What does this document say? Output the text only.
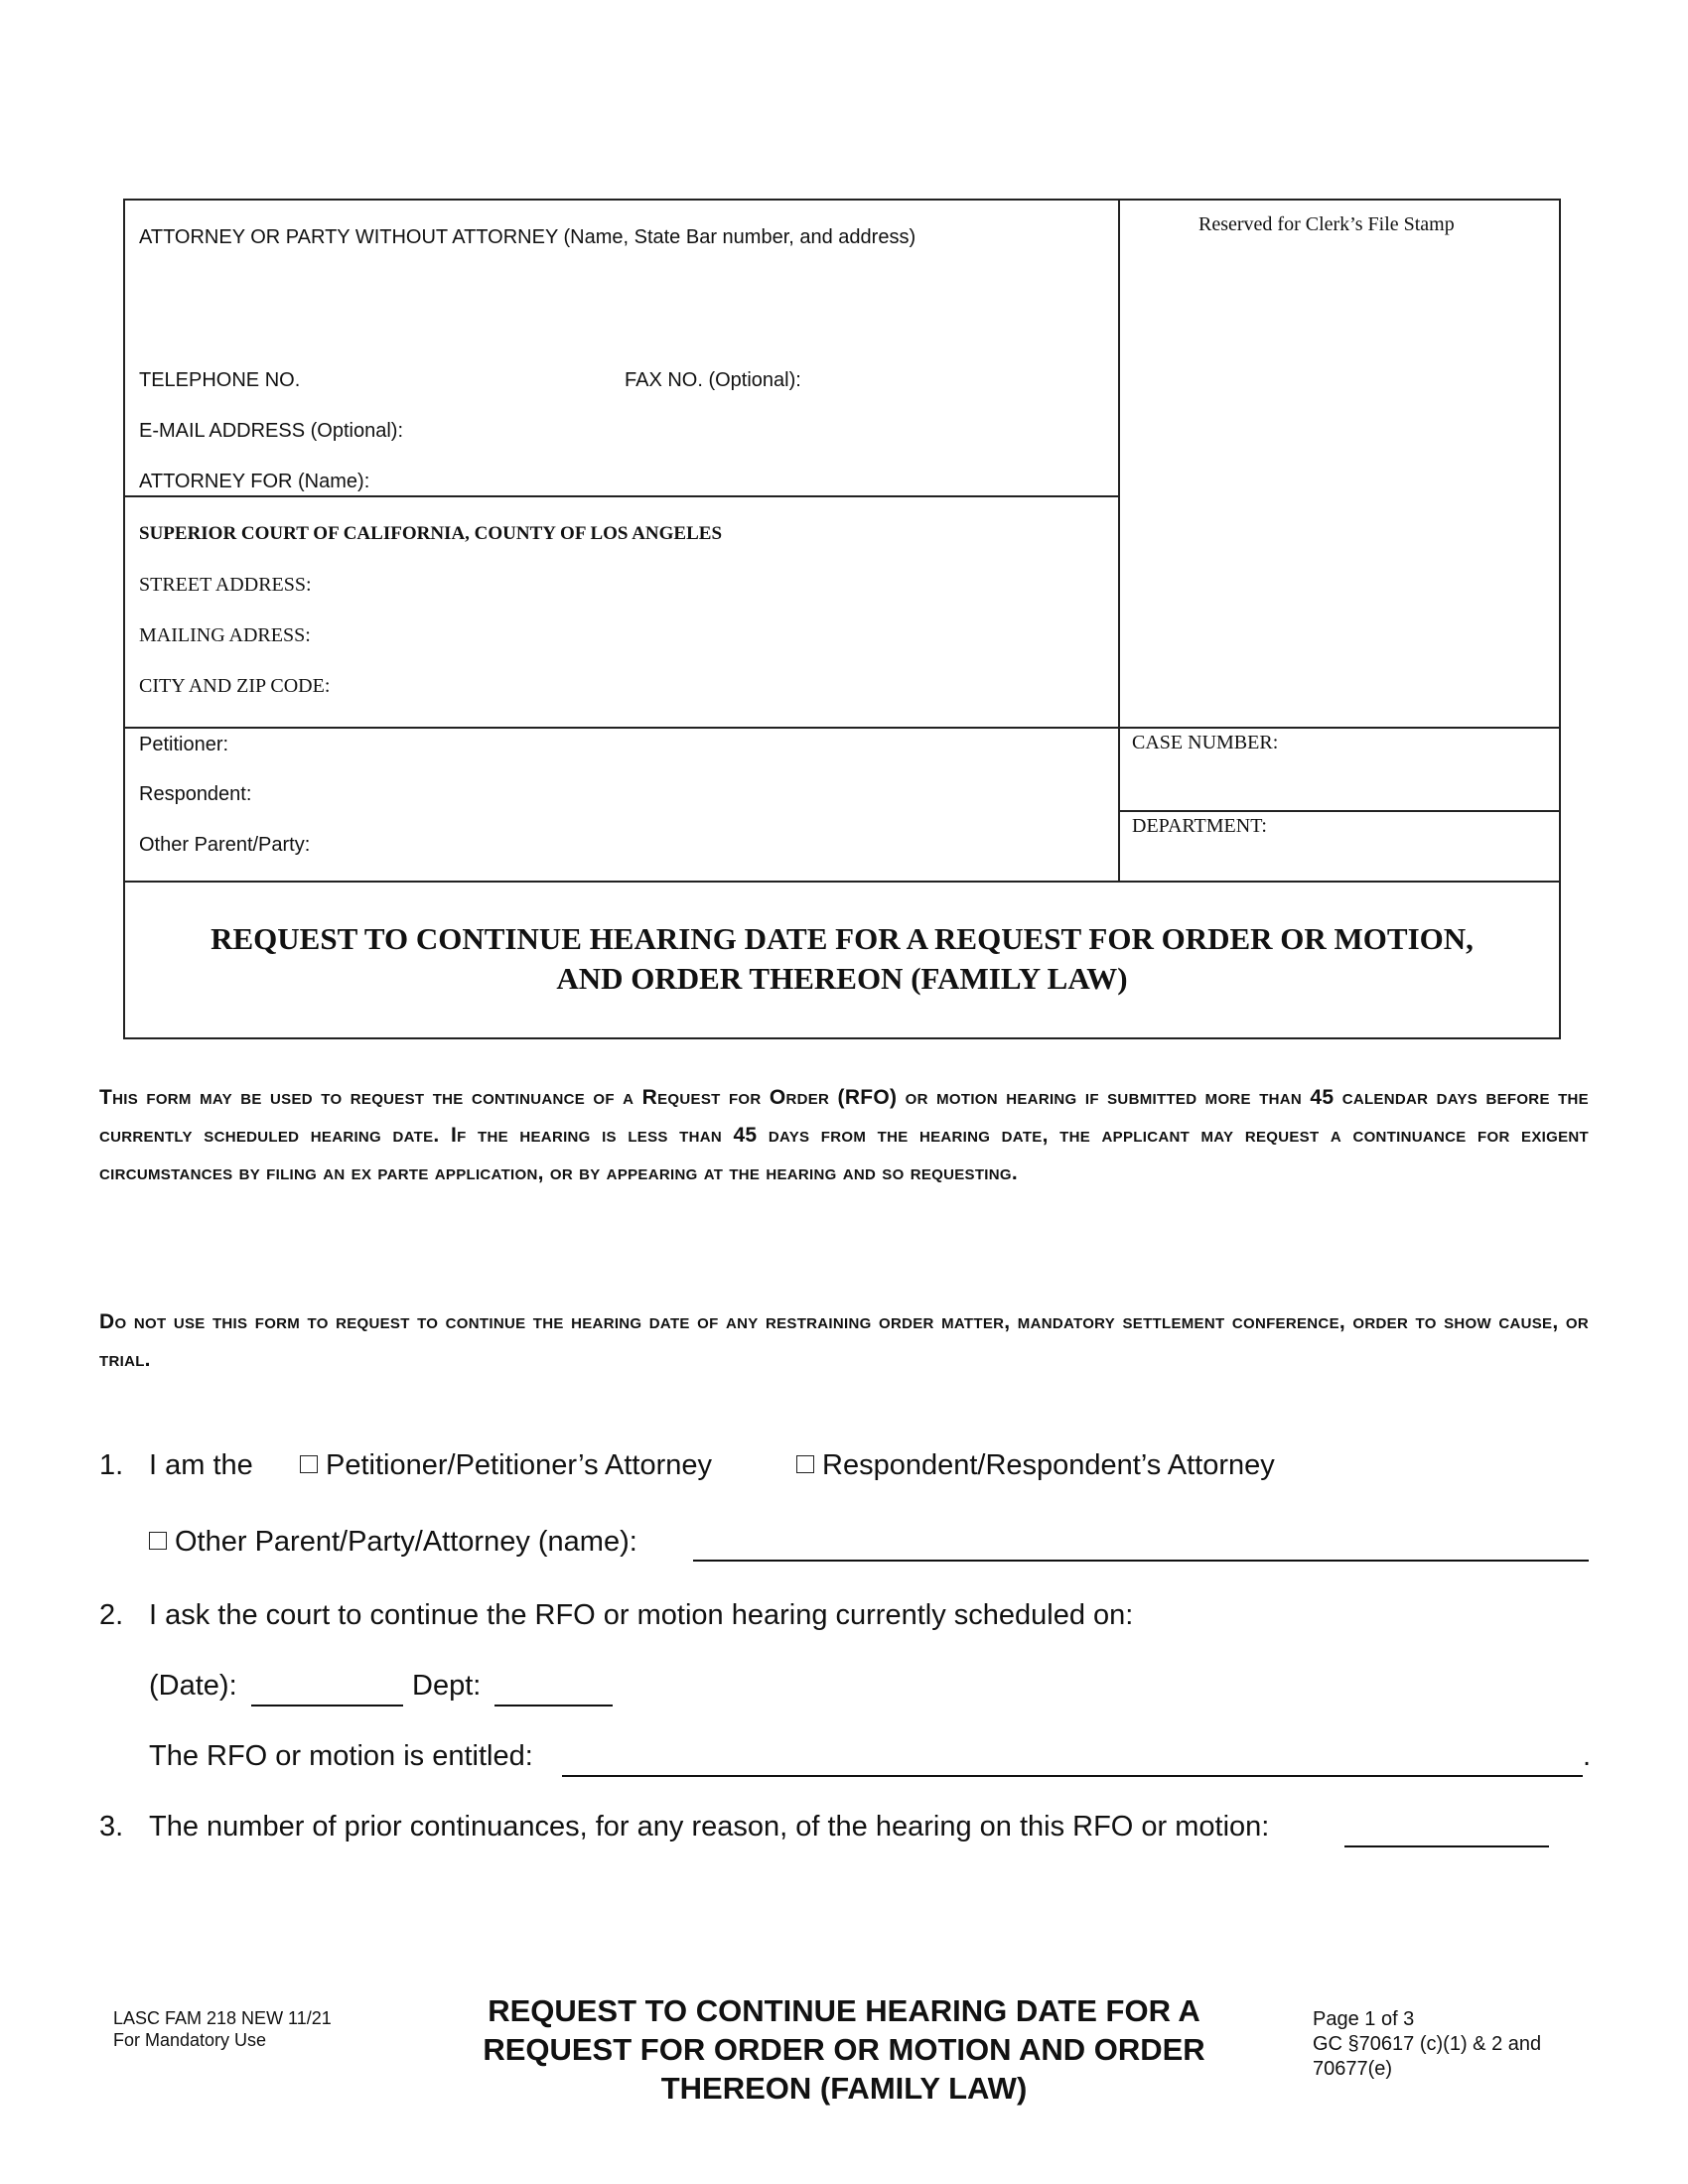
ATTORNEY OR PARTY WITHOUT ATTORNEY (Name, State Bar number, and address)
TELEPHONE NO.	FAX NO. (Optional):
E-MAIL ADDRESS (Optional):
ATTORNEY FOR (Name):
Reserved for Clerk’s File Stamp
SUPERIOR COURT OF CALIFORNIA, COUNTY OF LOS ANGELES
STREET ADDRESS:
MAILING ADRESS:
CITY AND ZIP CODE:
Petitioner:
Respondent:
Other Parent/Party:
CASE NUMBER:
DEPARTMENT:
REQUEST TO CONTINUE HEARING DATE FOR A REQUEST FOR ORDER OR MOTION,
AND ORDER THEREON (FAMILY LAW)

This form may be used to request the continuance of a Request for Order (RFO) or motion hearing if submitted more than 45 calendar days before the currently scheduled hearing date. If the hearing is less than 45 days from the hearing date, the applicant may request a continuance for exigent circumstances by filing an ex parte application, or by appearing at the hearing and so requesting.

Do not use this form to request to continue the hearing date of any restraining order matter, mandatory settlement conference, order to show cause, or trial.

1. I am the	Petitioner/Petitioner’s Attorney	Respondent/Respondent’s Attorney
Other Parent/Party/Attorney (name):
2. I ask the court to continue the RFO or motion hearing currently scheduled on:
(Date):	Dept:
The RFO or motion is entitled:	.
3. The number of prior continuances, for any reason, of the hearing on this RFO or motion:
LASC FAM 218 NEW 11/21
For Mandatory Use
REQUEST TO CONTINUE HEARING DATE FOR A
REQUEST FOR ORDER OR MOTION AND ORDER
THEREON (FAMILY LAW)
Page 1 of 3
GC §70617 (c)(1) & 2 and
70677(e)
